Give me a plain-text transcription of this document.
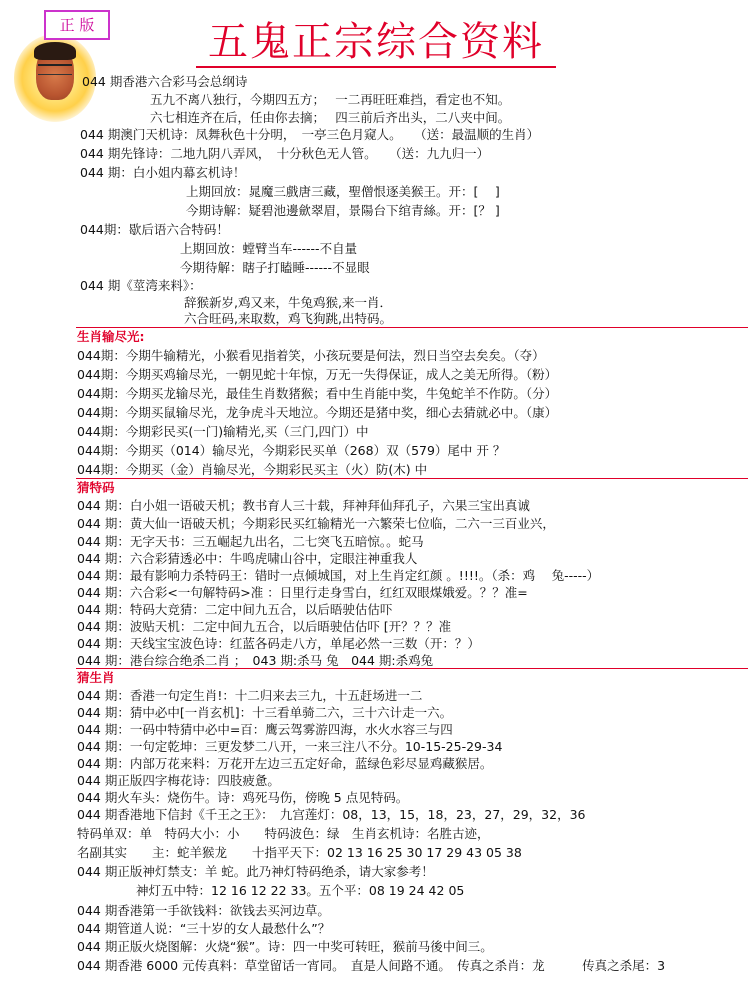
正 版	五鬼正宗综合资料
044 期香港六合彩马会总纲诗
五九不离八独行，今期四五方；　 一二再旺旺难挡，看定也不知。
六七相连齐在后，任由你去摘；　 四三前后齐出头，二八夹中间。
044 期澳门天机诗：凤舞秋色十分明，　一亭三色月窥人。　　（送：最温顺的生肖）
044 期先锋诗：二地九阴八弄风，　十分秋色无人管。　　（送：九九归一）
044 期：白小姐内幕玄机诗！
上期回放：晁魔三戲唐三藏，聖僧恨逐美猴王。开：[　 ]
今期诗解：疑碧池邊歛翠眉，景陽台下绾青絲。开：[？ ]
044期：歇后语六合特码！
上期回放：螳臂当车------不自量
今期待解：瞎子打瞌睡------不显眼
044 期《莖湾来料》：
辞猴新岁,鸡又来，牛兔鸡猴,来一肖．
六合旺码,来取数，鸡飞狗跳,出特码。
生肖输尽光:
044期：今期牛输精光，小猴看见指着笑，小孩玩要是何法，烈日当空去矣矣。（夺）
044期：今期买鸡输尽光，一朝见蛇十年惊，万无一失得保证，成人之美无所得。（粉）
044期：今期买龙输尽光，最佳生肖数猪猴；看中生肖能中奖，牛兔蛇羊不作防。（分）
044期：今期买鼠输尽光，龙争虎斗天地泣。今期还是猪中奖，细心去猜就必中。（康）
044期：今期彩民买(一门)输精光,买（三门,四门）中
044期：今期买（014）输尽光，今期彩民买单（268）双（579）尾中 开 ？
044期：今期买（金）肖输尽光，今期彩民买主（火）防(木) 中
猜特码
044 期：白小姐一语破天机；教书育人三十载，拜神拜仙拜孔子，六果三宝出真诚
044 期：黄大仙一语破天机；今期彩民买红输精光一六繁荣七位临，二六一三百业兴，
044 期：无字天书：三五崛起九出名，二七突飞五暗惊。。蛇马
044 期：六合彩猜透必中：牛鸣虎啸山谷中，定眼注神重我人
044 期：最有影响力杀特码王：错时一点倾城国，对上生肖定红颜 。!!!!。（杀：鸡　 兔-----）
044 期：六合彩<一句解特码>准 ：日里行走身雪白，红红双眼煤娥爱。？？准=
044 期：特码大竞猜：二定中间九五合，以后晤驶估估吓
044 期：波贴天机：二定中间九五合，以后晤驶估估吓 [开？？？准
044 期：天线宝宝波色诗：红蓝各码走八方，单尾必然一三数（开：？）
044 期：港台综合绝杀二肖 ；　043 期:杀马 兔　044 期:杀鸡兔
猜生肖
044 期：香港一句定生肖!：十二归来去三九，十五赶场进一二
044 期：猜中必中[一肖玄机]：十三看单骑二六，三十六计走一六。
044 期：一码中特猜中必中=百：鹰云驾雾游四海，水火水容三与四
044 期：一句定乾坤：三更发梦二八开，一来三注八不分。10-15-25-29-34
044 期：内部万花来料：万花开左边三五定好命，蓝绿色彩尽显鸡藏猴居。
044 期正版四字梅花诗：四肢疲惫。
044 期火车头：烧伤牛。诗：鸡死马伤，傍晚 5 点见特码。
044 期香港地下信封《千王之王》：　九宫莲灯：08，13，15，18，23，27，29，32，36
特码单双：单　特码大小：小　　特码波色：绿　生肖玄机诗：名胜古迹，
名副其实　　主：蛇羊猴龙　　十指平天下：02 13 16 25 30 17 29 43 05 38
044 期正版神灯禁支：羊 蛇。此乃神灯特码绝杀，请大家参考！
神灯五中特：12 16 12 22 33。五个平：08 19 24 42 05
044 期香港第一手欲钱料：欲钱去买河边草。
044 期管道人说：“三十岁的女人最愁什么”？
044 期正版火烧图解：火烧“猴”。诗：四一中奖可转旺，猴前马後中间三。
044 期香港 6000 元传真料：草堂留话一宵同。　直是人间路不通。　传真之杀肖：龙　　　传真之杀尾：3
